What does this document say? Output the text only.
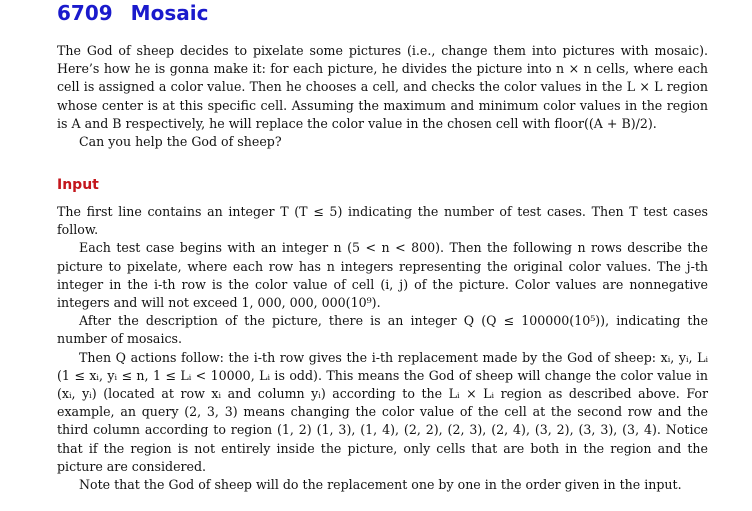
6709 Mosaic

The God of sheep decides to pixelate some pictures (i.e., change them into pictures with mosaic). Here’s how he is gonna make it: for each picture, he divides the picture into n × n cells, where each cell is assigned a color value. Then he chooses a cell, and checks the color values in the L × L region whose center is at this specific cell. Assuming the maximum and minimum color values in the region is A and B respectively, he will replace the color value in the chosen cell with floor((A + B)/2).

Can you help the God of sheep?

Input

The first line contains an integer T (T ≤ 5) indicating the number of test cases. Then T test cases follow.

Each test case begins with an integer n (5 < n < 800). Then the following n rows describe the picture to pixelate, where each row has n integers representing the original color values. The j-th integer in the i-th row is the color value of cell (i, j) of the picture. Color values are nonnegative integers and will not exceed 1, 000, 000, 000(10⁹).

After the description of the picture, there is an integer Q (Q ≤ 100000(10⁵)), indicating the number of mosaics.

Then Q actions follow: the i-th row gives the i-th replacement made by the God of sheep: xᵢ, yᵢ, Lᵢ (1 ≤ xᵢ, yᵢ ≤ n, 1 ≤ Lᵢ < 10000, Lᵢ is odd). This means the God of sheep will change the color value in (xᵢ, yᵢ) (located at row xᵢ and column yᵢ) according to the Lᵢ × Lᵢ region as described above. For example, an query (2, 3, 3) means changing the color value of the cell at the second row and the third column according to region (1, 2) (1, 3), (1, 4), (2, 2), (2, 3), (2, 4), (3, 2), (3, 3), (3, 4). Notice that if the region is not entirely inside the picture, only cells that are both in the region and the picture are considered.

Note that the God of sheep will do the replacement one by one in the order given in the input.
